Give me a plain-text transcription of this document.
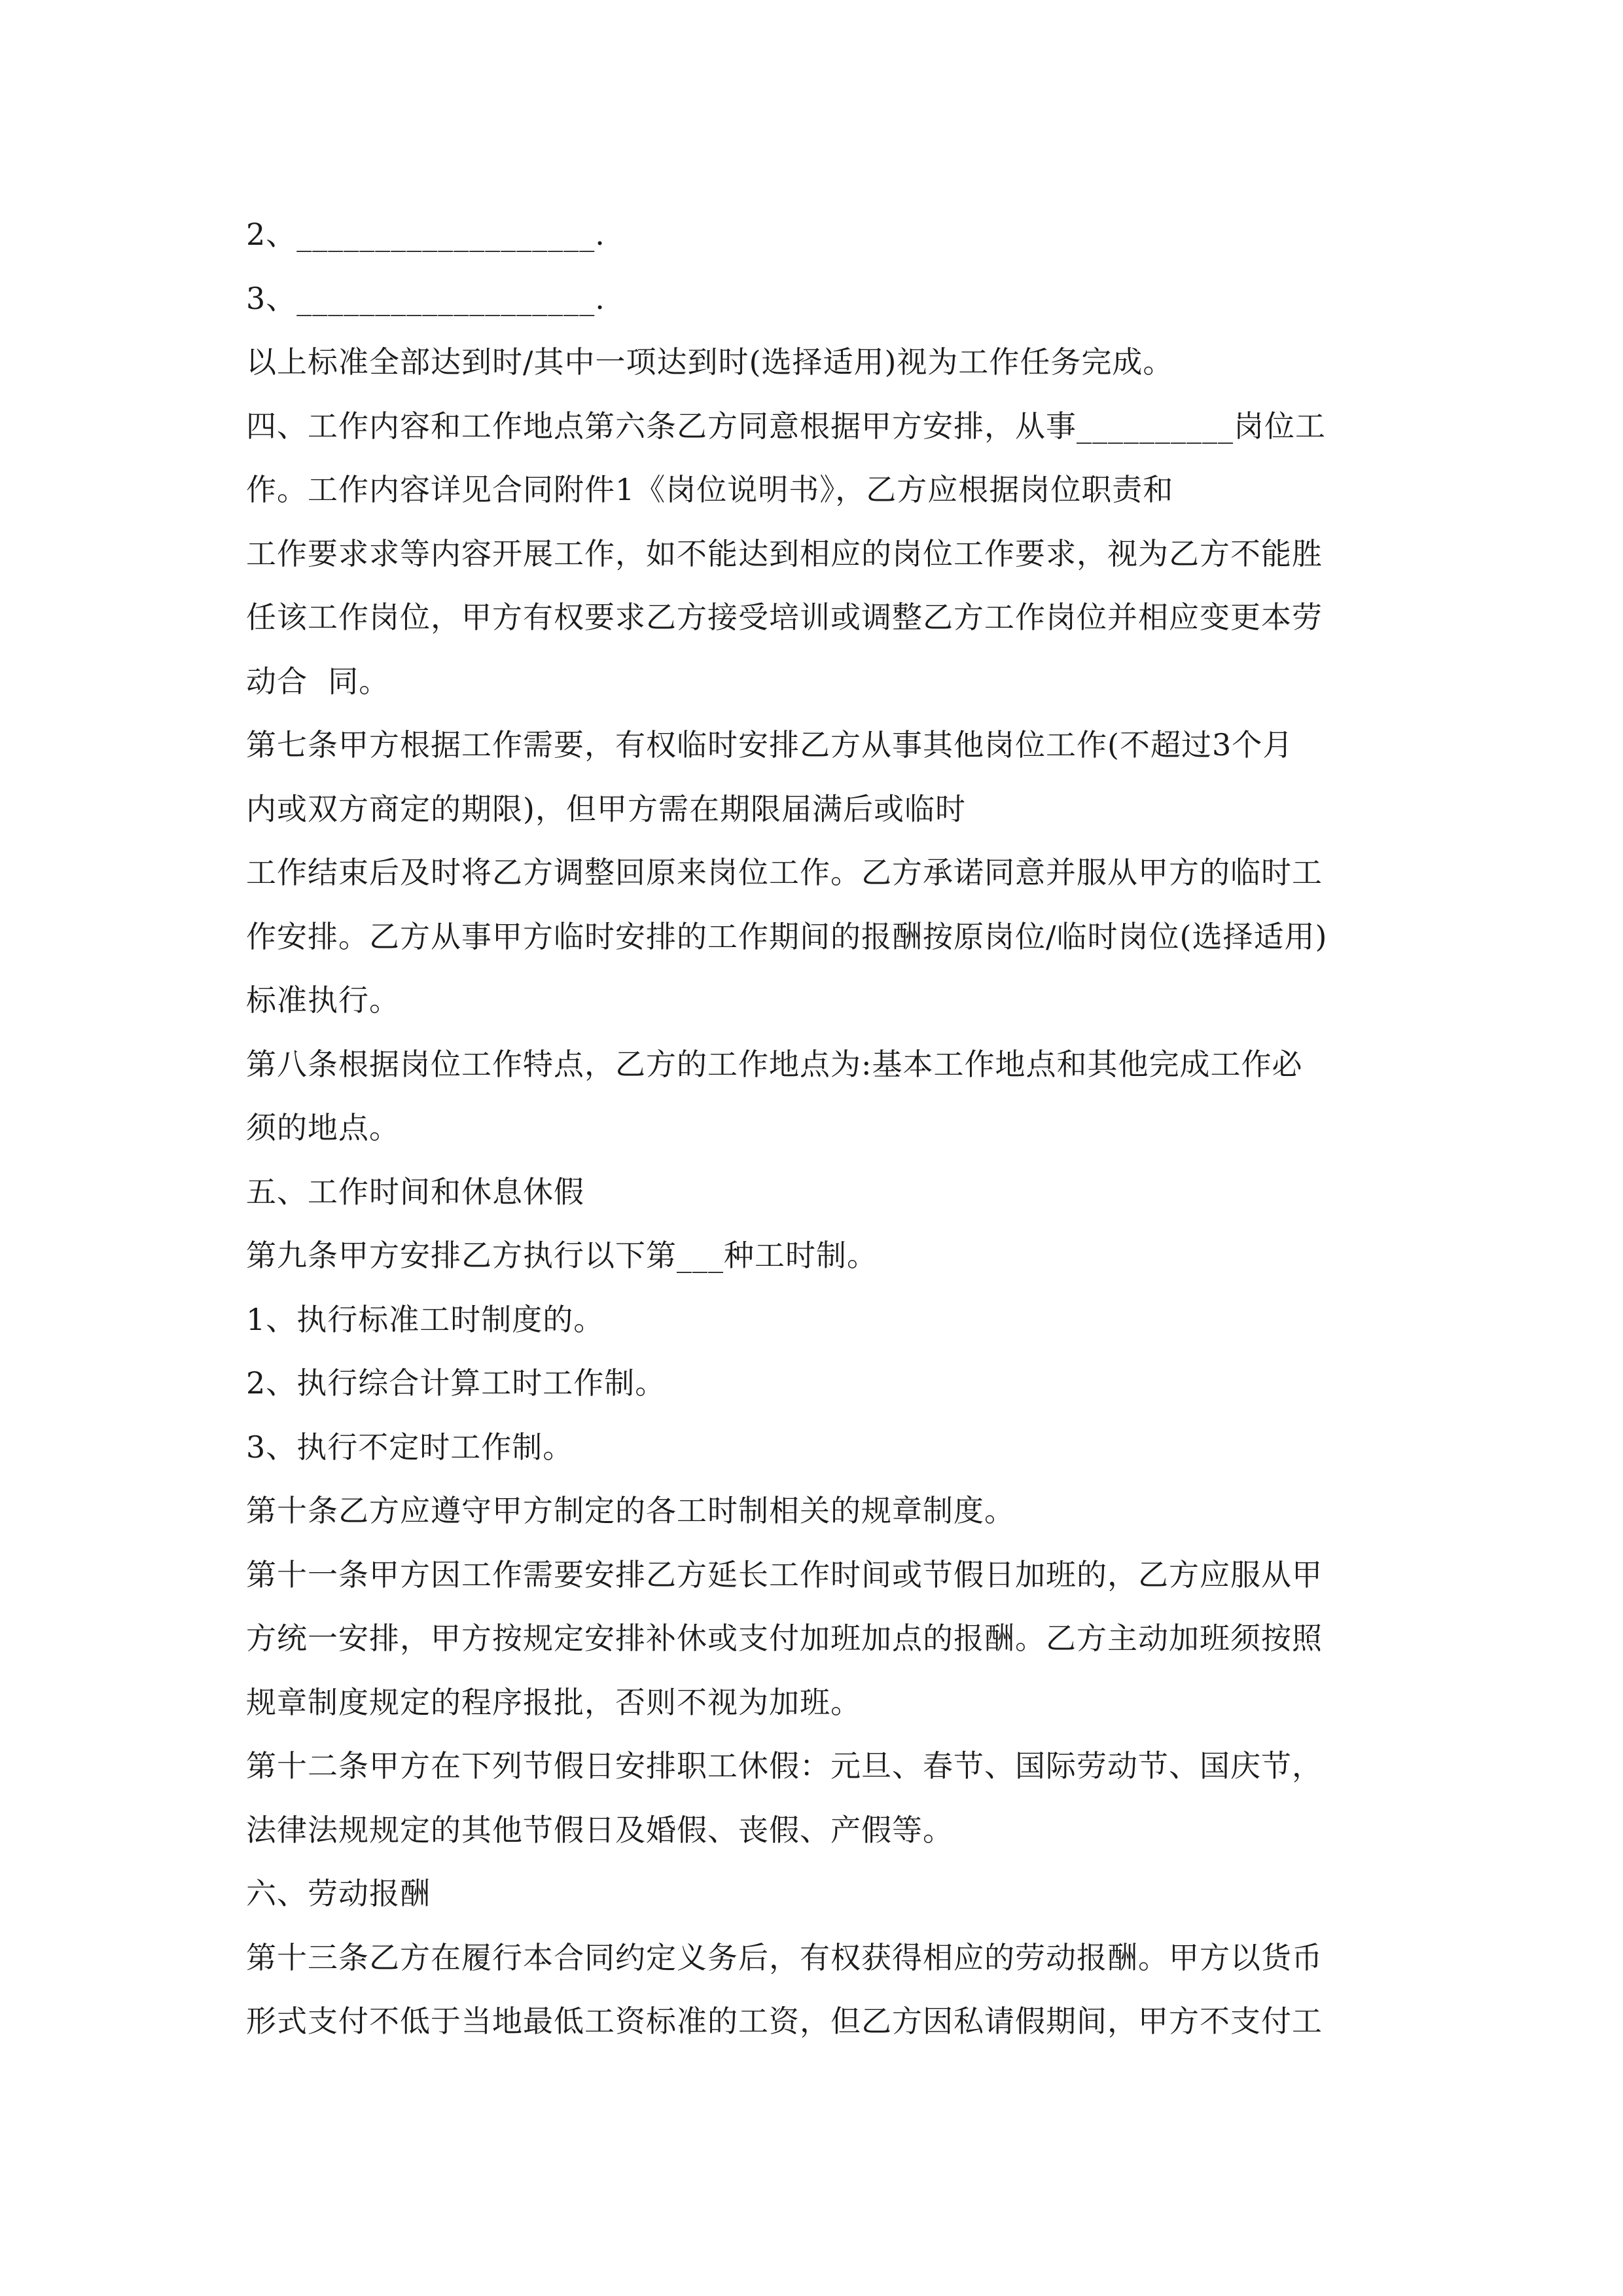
2、___________________.
3、___________________.
以上标准全部达到时/其中一项达到时(选择适用)视为工作任务完成。
四、工作内容和工作地点第六条乙方同意根据甲方安排，从事__________岗位工
作。工作内容详见合同附件1《岗位说明书》，乙方应根据岗位职责和
工作要求求等内容开展工作，如不能达到相应的岗位工作要求，视为乙方不能胜
任该工作岗位，甲方有权要求乙方接受培训或调整乙方工作岗位并相应变更本劳
动合  同。
第七条甲方根据工作需要，有权临时安排乙方从事其他岗位工作(不超过3个月
内或双方商定的期限)，但甲方需在期限届满后或临时
工作结束后及时将乙方调整回原来岗位工作。乙方承诺同意并服从甲方的临时工
作安排。乙方从事甲方临时安排的工作期间的报酬按原岗位/临时岗位(选择适用)
标准执行。
第八条根据岗位工作特点，乙方的工作地点为:基本工作地点和其他完成工作必
须的地点。
五、工作时间和休息休假
第九条甲方安排乙方执行以下第___种工时制。
1、执行标准工时制度的。
2、执行综合计算工时工作制。
3、执行不定时工作制。
第十条乙方应遵守甲方制定的各工时制相关的规章制度。
第十一条甲方因工作需要安排乙方延长工作时间或节假日加班的，乙方应服从甲
方统一安排，甲方按规定安排补休或支付加班加点的报酬。乙方主动加班须按照
规章制度规定的程序报批，否则不视为加班。
第十二条甲方在下列节假日安排职工休假：元旦、春节、国际劳动节、国庆节，
法律法规规定的其他节假日及婚假、丧假、产假等。
六、劳动报酬
第十三条乙方在履行本合同约定义务后，有权获得相应的劳动报酬。甲方以货币
形式支付不低于当地最低工资标准的工资，但乙方因私请假期间，甲方不支付工
